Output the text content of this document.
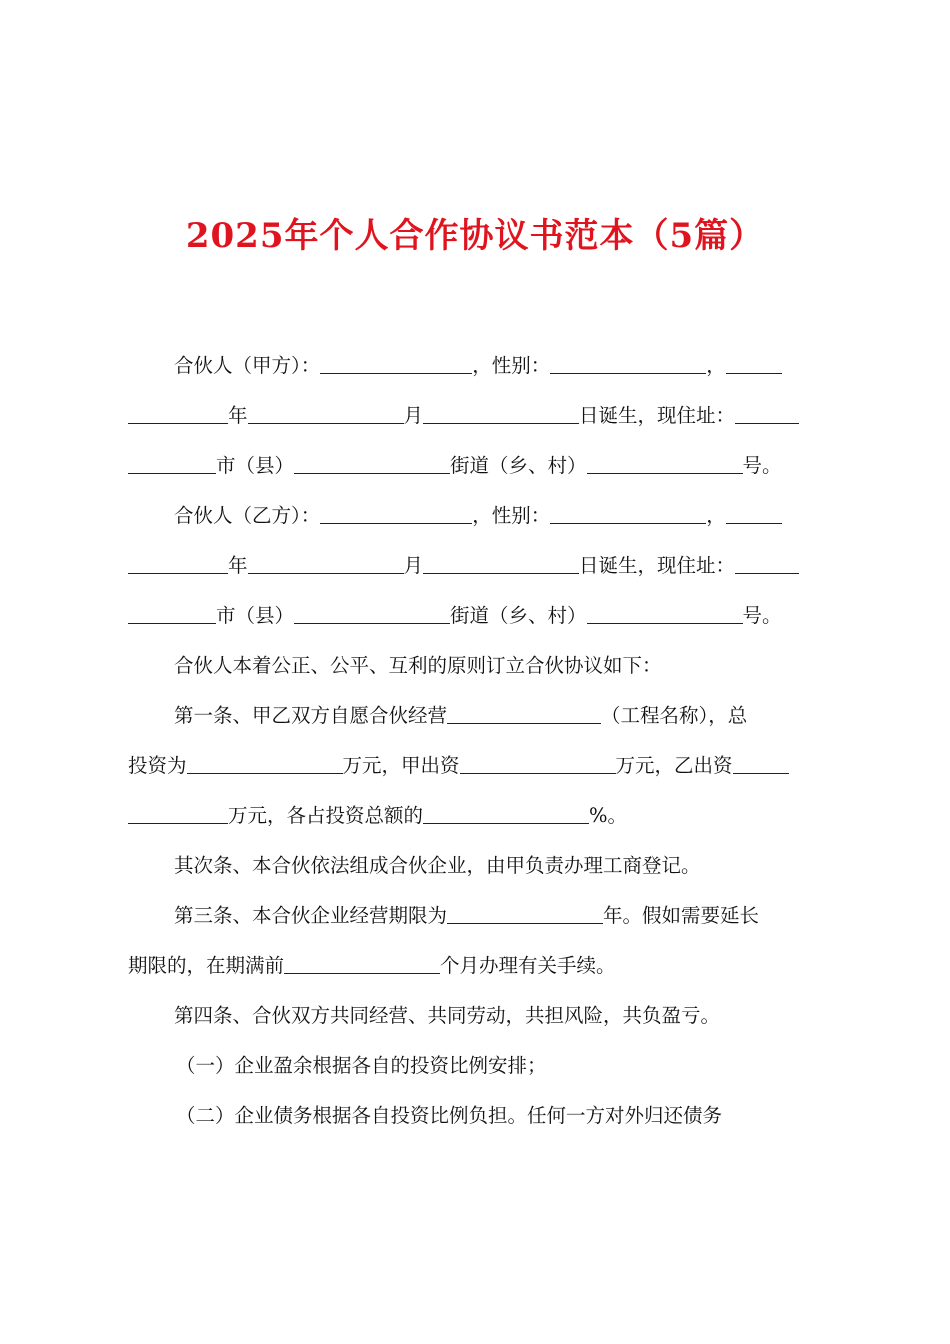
2025年个人合作协议书范本（5篇）
合伙人（甲方）：	，性别：	，
年	月	日诞生，现住址：
市（县）	街道（乡、村）	号。
合伙人（乙方）：	，性别：	，
年	月	日诞生，现住址：
市（县）	街道（乡、村）	号。
合伙人本着公正、公平、互利的原则订立合伙协议如下：
第一条、甲乙双方自愿合伙经营	（工程名称），总
投资为	万元，甲出资	万元，乙出资
万元，各占投资总额的	%。
其次条、本合伙依法组成合伙企业，由甲负责办理工商登记。
第三条、本合伙企业经营期限为	年。假如需要延长
期限的，在期满前	个月办理有关手续。
第四条、合伙双方共同经营、共同劳动，共担风险，共负盈亏。
（一）企业盈余根据各自的投资比例安排；
（二）企业债务根据各自投资比例负担。任何一方对外归还债务
